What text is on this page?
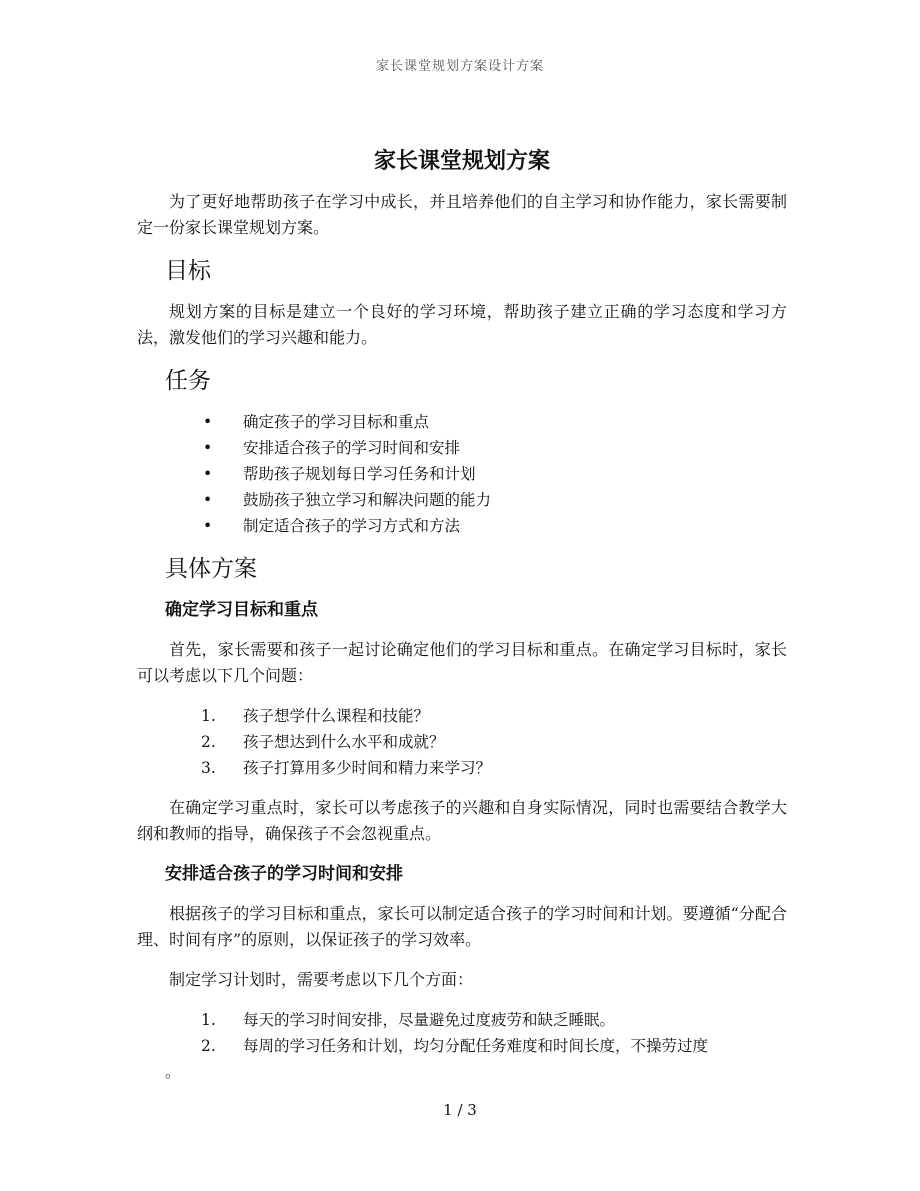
家长课堂规划方案设计方案
家长课堂规划方案

为了更好地帮助孩子在学习中成长，并且培养他们的自主学习和协作能力，家长需要制定一份家长课堂规划方案。

目标

规划方案的目标是建立一个良好的学习环境，帮助孩子建立正确的学习态度和学习方法，激发他们的学习兴趣和能力。

任务
• 确定孩子的学习目标和重点
• 安排适合孩子的学习时间和安排
• 帮助孩子规划每日学习任务和计划
• 鼓励孩子独立学习和解决问题的能力
• 制定适合孩子的学习方式和方法
具体方案
确定学习目标和重点

首先，家长需要和孩子一起讨论确定他们的学习目标和重点。在确定学习目标时，家长可以考虑以下几个问题：

1. 孩子想学什么课程和技能？
2. 孩子想达到什么水平和成就？
3. 孩子打算用多少时间和精力来学习？

在确定学习重点时，家长可以考虑孩子的兴趣和自身实际情况，同时也需要结合教学大纲和教师的指导，确保孩子不会忽视重点。

安排适合孩子的学习时间和安排

根据孩子的学习目标和重点，家长可以制定适合孩子的学习时间和计划。要遵循“分配合理、时间有序”的原则，以保证孩子的学习效率。

制定学习计划时，需要考虑以下几个方面：

1. 每天的学习时间安排，尽量避免过度疲劳和缺乏睡眠。
2. 每周的学习任务和计划，均匀分配任务难度和时间长度，不操劳过度
。
1 / 3
